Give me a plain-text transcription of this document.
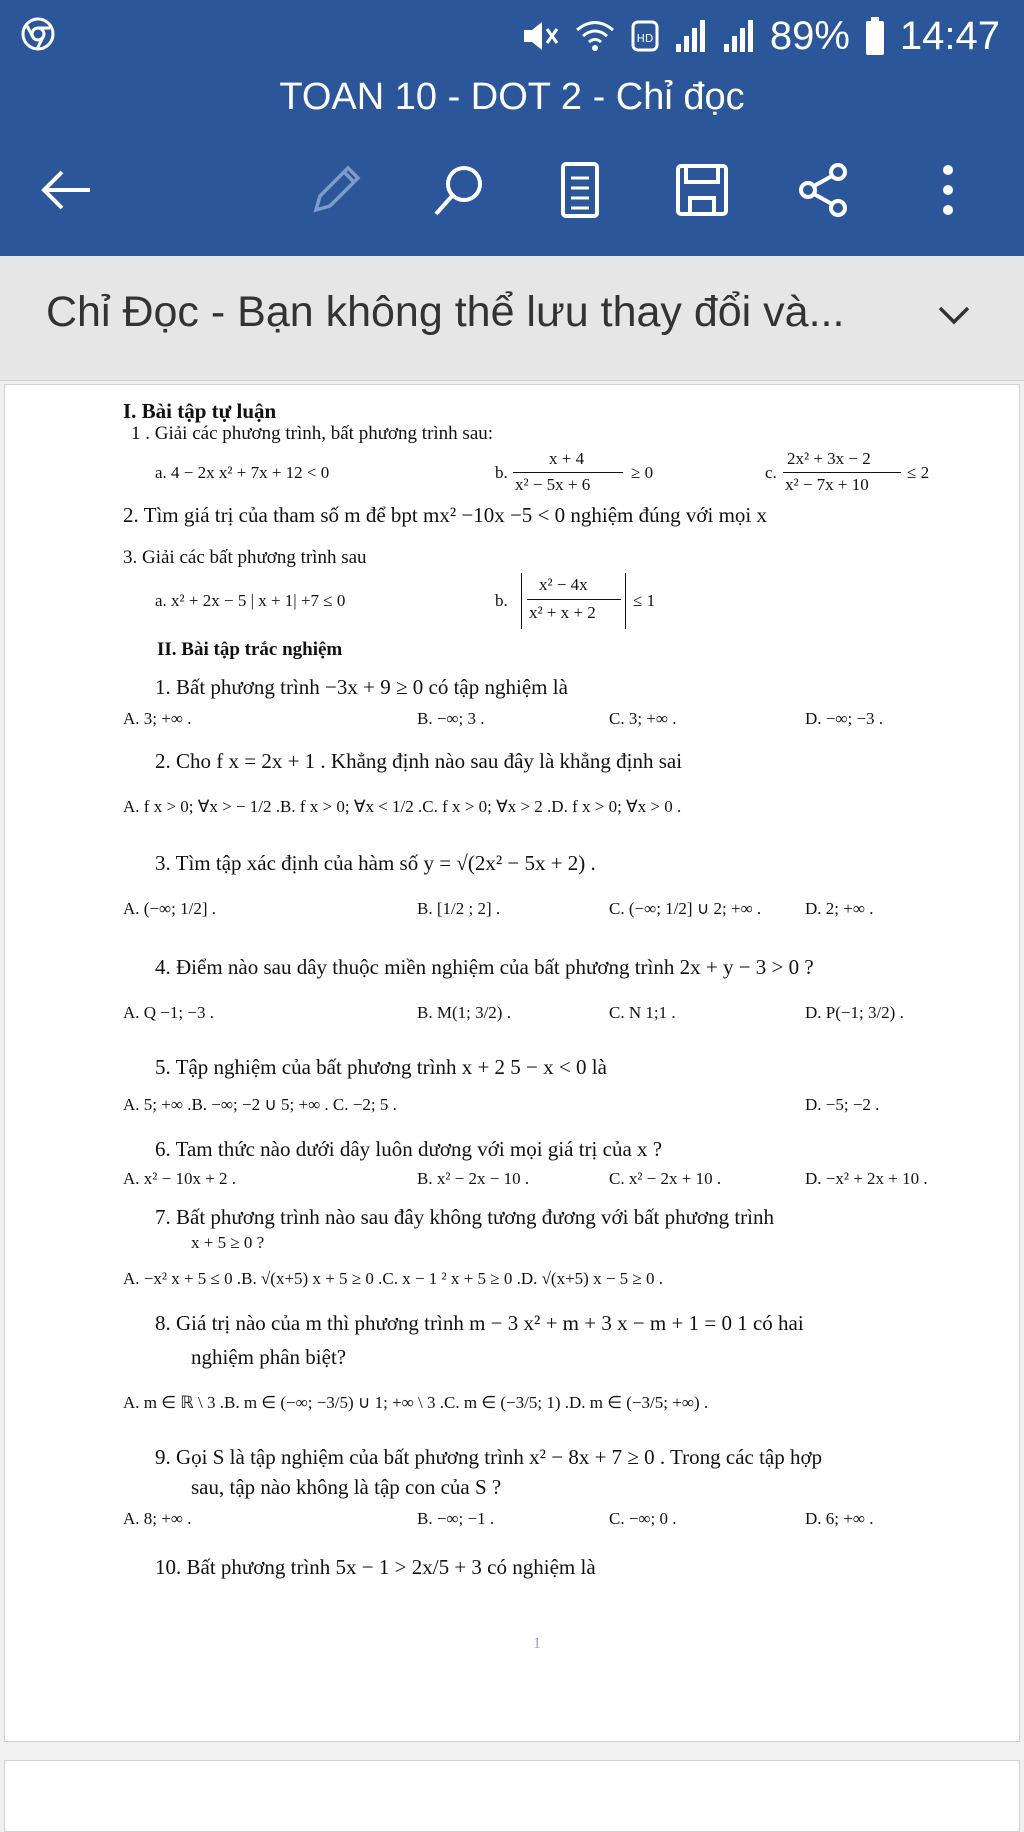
HD	89% 14:47
TOAN 10 - DOT 2 - Chỉ đọc
Chỉ Đọc - Bạn không thể lưu thay đổi và...
I. Bài tập tự luận
1 . Giải các phương trình, bất phương trình sau:
a. 4 − 2x x² + 7x + 12 < 0	b.
x + 4
x² − 5x + 6
≥ 0	c.
2x² + 3x − 2
x² − 7x + 10
≤ 2
2. Tìm giá trị của tham số m để bpt mx² −10x −5 < 0 nghiệm đúng với mọi x
3. Giải các bất phương trình sau
a. x² + 2x − 5 | x + 1| +7 ≤ 0	b.
x² − 4x
x² + x + 2
≤ 1
II. Bài tập trắc nghiệm
1. Bất phương trình −3x + 9 ≥ 0 có tập nghiệm là
A. 3; +∞ .	B. −∞; 3 .	C. 3; +∞ .	D. −∞; −3 .
2. Cho f x = 2x + 1 . Khẳng định nào sau đây là khẳng định sai
A. f x > 0; ∀x > − 1/2 .B. f x > 0; ∀x < 1/2 .C. f x > 0; ∀x > 2 .D. f x > 0; ∀x > 0 .
3. Tìm tập xác định của hàm số y = √(2x² − 5x + 2) .
A. (−∞; 1/2] .	B. [1/2 ; 2] .	C. (−∞; 1/2] ∪ 2; +∞ .	D. 2; +∞ .
4. Điểm nào sau dây thuộc miền nghiệm của bất phương trình 2x + y − 3 > 0 ?
A. Q −1; −3 .	B. M(1; 3/2) .	C. N 1;1 .	D. P(−1; 3/2) .
5. Tập nghiệm của bất phương trình x + 2 5 − x < 0 là
A. 5; +∞ .B. −∞; −2 ∪ 5; +∞ . C. −2; 5 .	D. −5; −2 .
6. Tam thức nào dưới dây luôn dương với mọi giá trị của x ?
A. x² − 10x + 2 .	B. x² − 2x − 10 .	C. x² − 2x + 10 .	D. −x² + 2x + 10 .
7. Bất phương trình nào sau đây không tương đương với bất phương trình
x + 5 ≥ 0 ?
A. −x² x + 5 ≤ 0 .B. √(x+5) x + 5 ≥ 0 .C. x − 1 ² x + 5 ≥ 0 .D. √(x+5) x − 5 ≥ 0 .
8. Giá trị nào của m thì phương trình m − 3 x² + m + 3 x − m + 1 = 0 1 có hai
nghiệm phân biệt?
A. m ∈ ℝ \ 3 .B. m ∈ (−∞; −3/5) ∪ 1; +∞ \ 3 .C. m ∈ (−3/5; 1) .D. m ∈ (−3/5; +∞) .
9. Gọi S là tập nghiệm của bất phương trình x² − 8x + 7 ≥ 0 . Trong các tập hợp
sau, tập nào không là tập con của S ?
A. 8; +∞ .	B. −∞; −1 .	C. −∞; 0 .	D. 6; +∞ .
10. Bất phương trình 5x − 1 > 2x/5 + 3 có nghiệm là
1
